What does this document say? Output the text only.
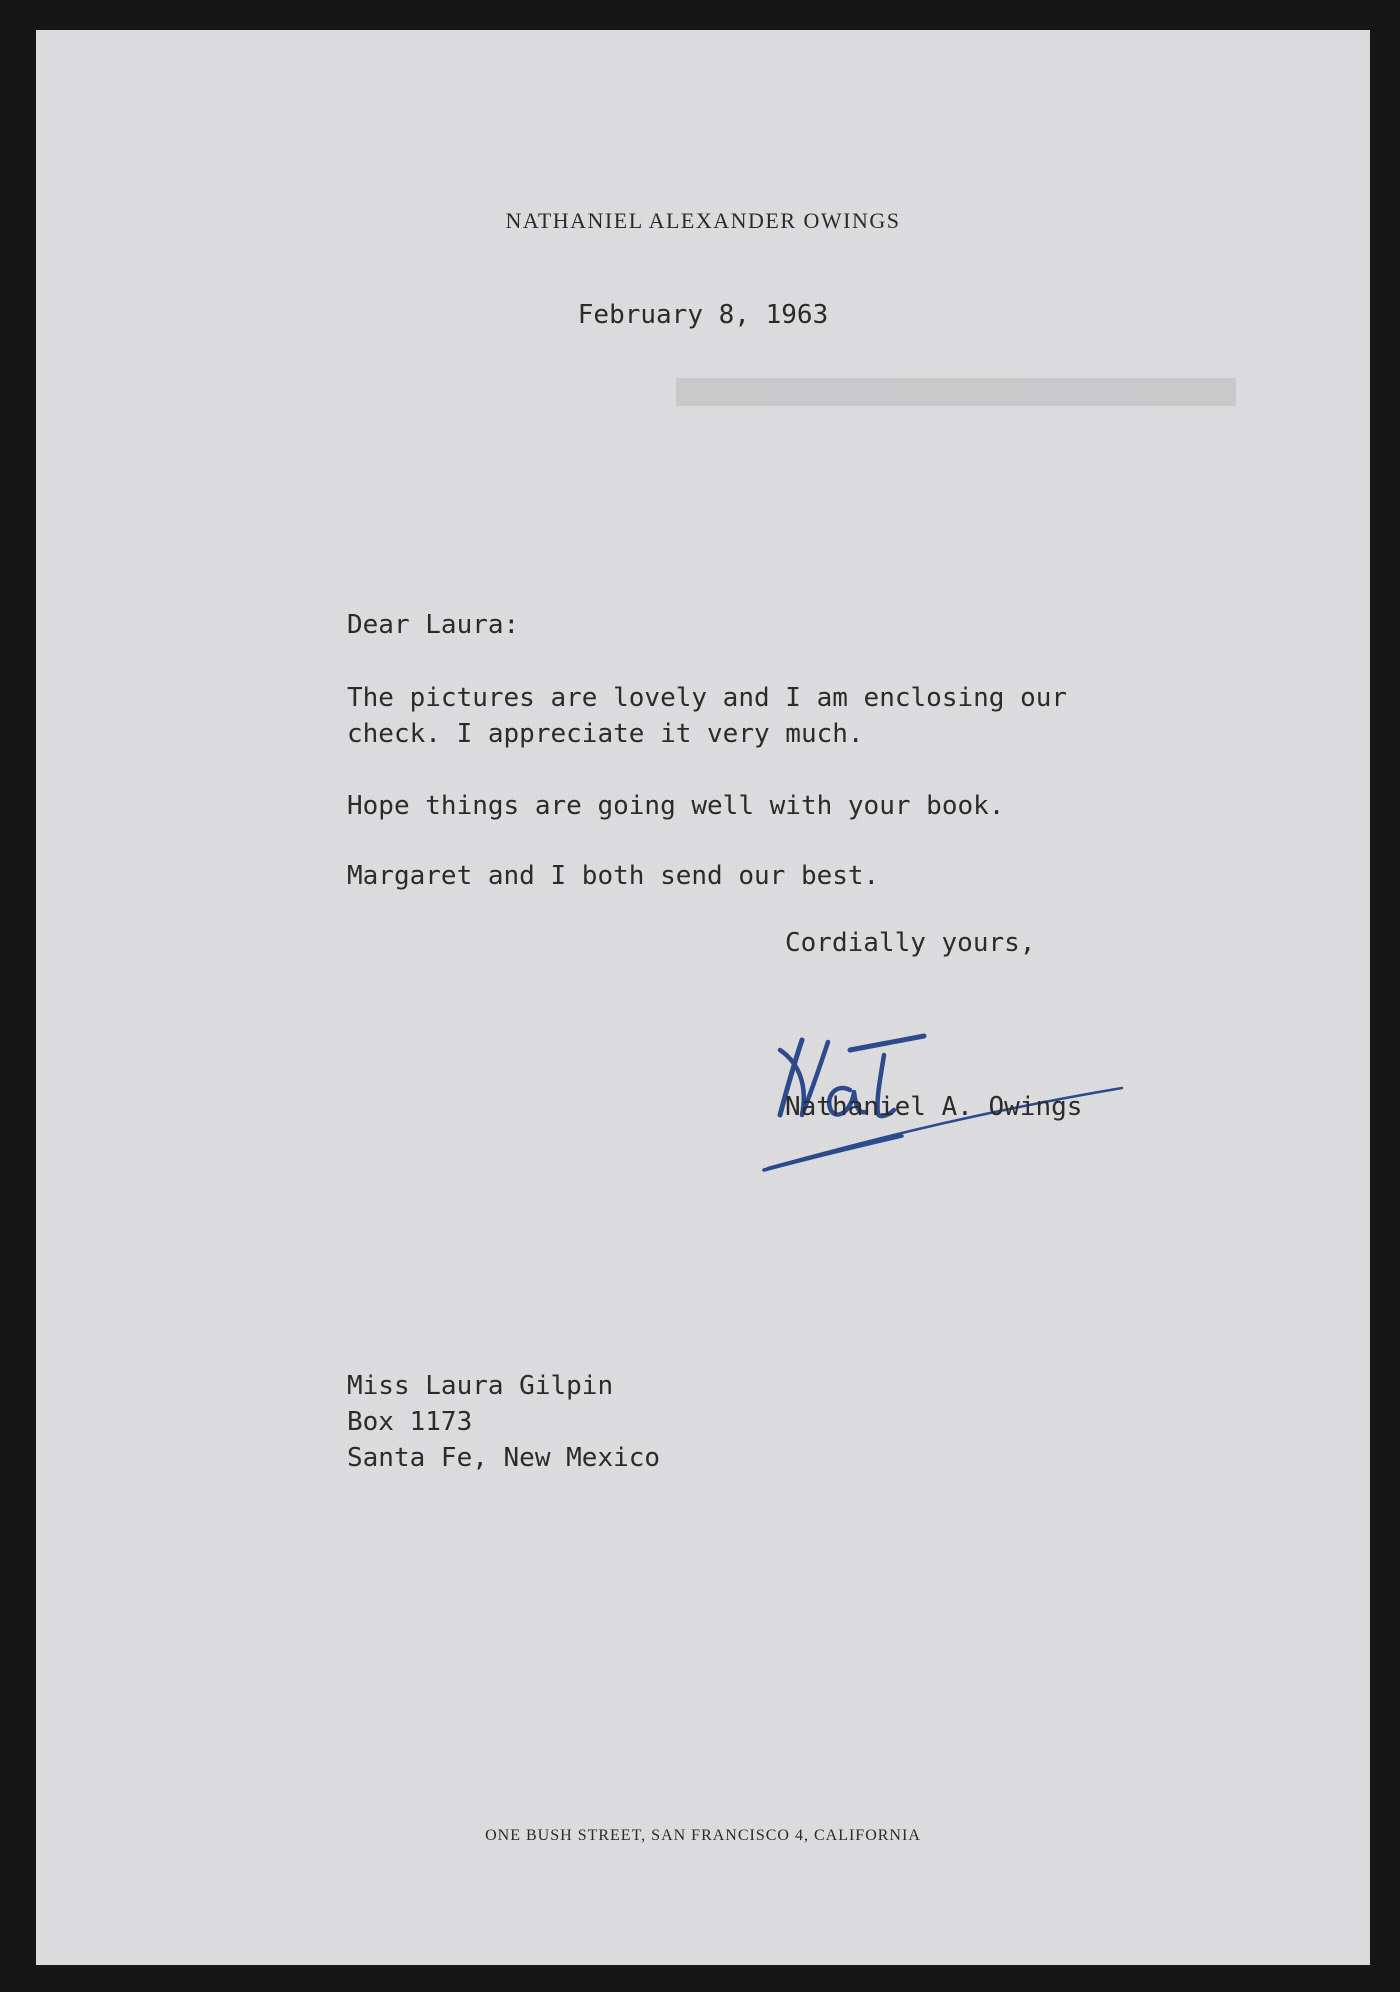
NATHANIEL ALEXANDER OWINGS
February 8, 1963
Dear Laura:
The pictures are lovely and I am enclosing our
check. I appreciate it very much.
Hope things are going well with your book.
Margaret and I both send our best.
Cordially yours,
Nat
Nathaniel A. Owings
Miss Laura Gilpin
Box 1173
Santa Fe, New Mexico
ONE BUSH STREET, SAN FRANCISCO 4, CALIFORNIA
